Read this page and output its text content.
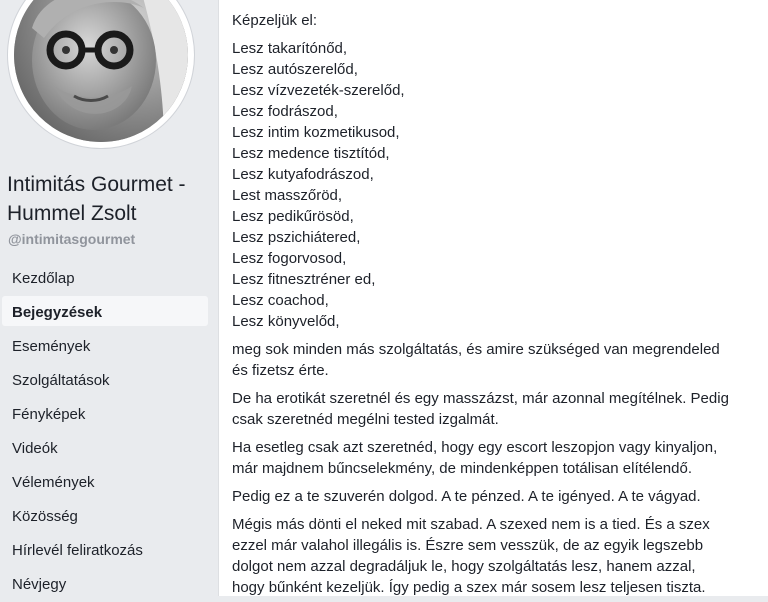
Intimitás Gourmet - Hummel Zsolt
@intimitasgourmet
Kezdőlap
Bejegyzések
Események
Szolgáltatások
Fényképek
Videók
Vélemények
Közösség
Hírlevél feliratkozás
Névjegy

Képzeljük el:

Lesz takarítónőd,

Lesz autószerelőd,

Lesz vízvezeték-szerelőd,

Lesz fodrászod,

Lesz intim kozmetikusod,

Lesz medence tisztítód,

Lesz kutyafodrászod,

Lest masszőröd,

Lesz pedikűrösöd,

Lesz pszichiátered,

Lesz fogorvosod,

Lesz fitnesztréner ed,

Lesz coachod,

Lesz könyvelőd,

meg sok minden más szolgáltatás, és amire szükséged van megrendeled
és fizetsz érte.

De ha erotikát szeretnél és egy masszázst, már azonnal megítélnek. Pedig
csak szeretnéd megélni tested izgalmát.

Ha esetleg csak azt szeretnéd, hogy egy escort leszopjon vagy kinyaljon,
már majdnem bűncselekmény, de mindenképpen totálisan elítélendő.

Pedig ez a te szuverén dolgod. A te pénzed. A te igényed. A te vágyad.

Mégis más dönti el neked mit szabad. A szexed nem is a tied. És a szex
ezzel már valahol illegális is. Észre sem vesszük, de az egyik legszebb
dolgot nem azzal degradáljuk le, hogy szolgáltatás lesz, hanem azzal,
hogy bűnként kezeljük. Így pedig a szex már sosem lesz teljesen tiszta.
